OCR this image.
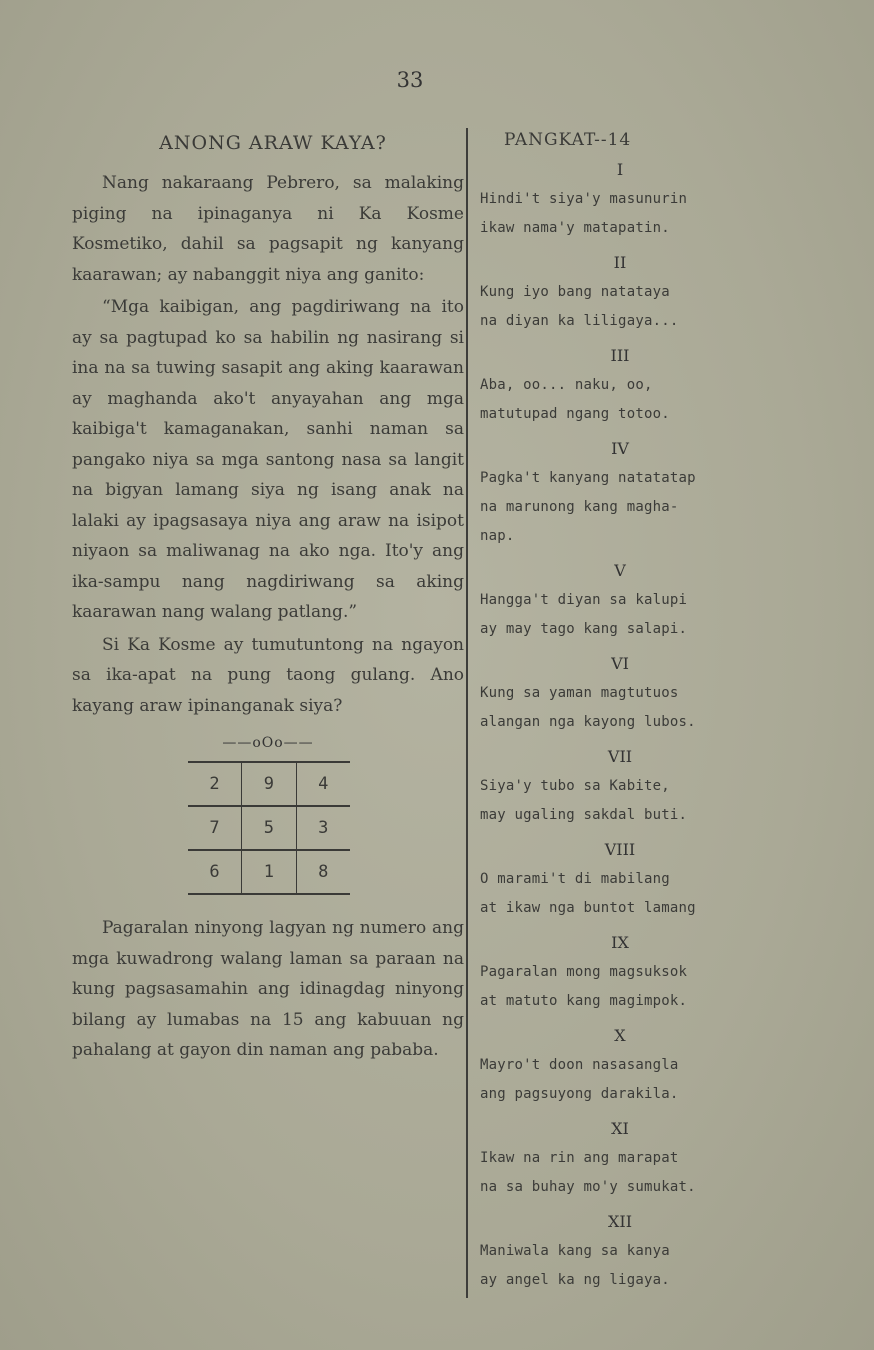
33
ANONG ARAW KAYA?

Nang nakaraang Pebrero, sa malaking piging na ipinaganya ni Ka Kosme Kosmetiko, dahil sa pagsapit ng kanyang kaarawan; ay nabanggit niya ang ganito:

“Mga kaibigan, ang pagdiriwang na ito ay sa pagtupad ko sa habilin ng nasirang si ina na sa tuwing sasapit ang aking kaarawan ay maghanda ako't anyayahan ang mga kaibiga't kamaganakan, sanhi naman sa pangako niya sa mga santong nasa sa langit na bigyan lamang siya ng isang anak na lalaki ay ipagsasaya niya ang araw na isipot niyaon sa maliwanag na ako nga. Ito'y ang ika-sampu nang nagdiriwang sa aking kaarawan nang walang patlang.”

Si Ka Kosme ay tumutuntong na ngayon sa ika-apat na pung taong gulang. Ano kayang araw ipinanganak siya?

——oOo——
2	9	4
7	5	3
6	1	8

Pagaralan ninyong lagyan ng numero ang mga kuwadrong walang laman sa paraan na kung pagsasamahin ang idinagdag ninyong bilang ay lumabas na 15 ang kabuuan ng pahalang at gayon din naman ang pababa.

PANGKAT--14
I
Hindi't siya'y masunurin
ikaw nama'y matapatin.
II
Kung iyo bang natataya
na diyan ka liligaya...
III
Aba, oo... naku, oo,
matutupad ngang totoo.
IV
Pagka't kanyang natatatap
na marunong kang magha-
nap.
V
Hangga't diyan sa kalupi
ay may tago kang salapi.
VI
Kung sa yaman magtutuos
alangan nga kayong lubos.
VII
Siya'y tubo sa Kabite,
may ugaling sakdal buti.
VIII
O marami't di mabilang
at ikaw nga buntot lamang
IX
Pagaralan mong magsuksok
at matuto kang magimpok.
X
Mayro't doon nasasangla
ang pagsuyong darakila.
XI
Ikaw na rin ang marapat
na sa buhay mo'y sumukat.
XII
Maniwala kang sa kanya
ay angel ka ng ligaya.
